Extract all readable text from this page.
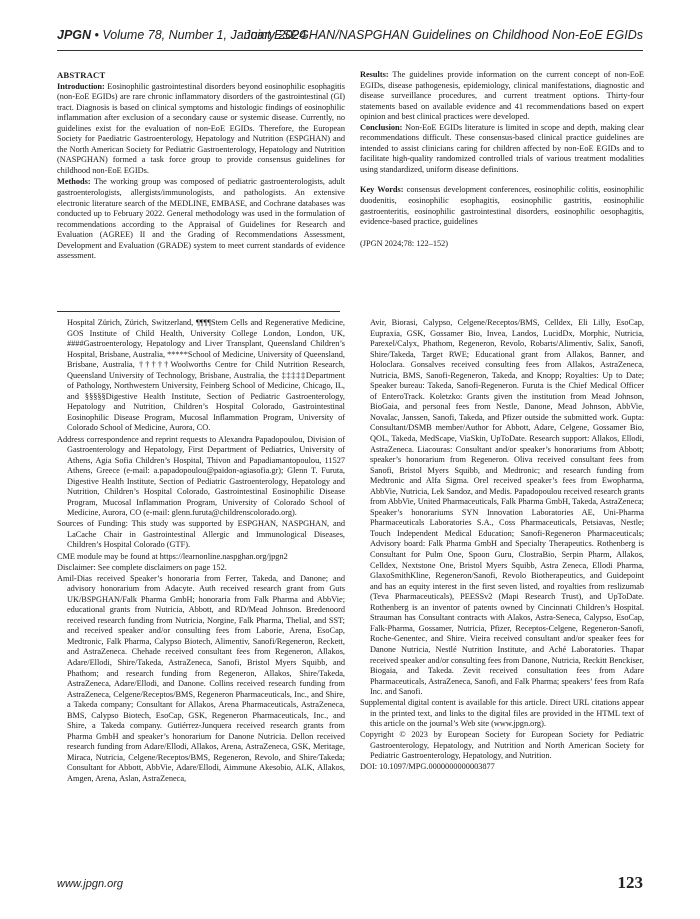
JPGN • Volume 78, Number 1, January 2024
Joint ESPGHAN/NASPGHAN Guidelines on Childhood Non-EoE EGIDs

ABSTRACT

Introduction: Eosinophilic gastrointestinal disorders beyond eosinophilic esophagitis (non-EoE EGIDs) are rare chronic inflammatory disorders of the gastrointestinal (GI) tract. Diagnosis is based on clinical symptoms and histologic findings of eosinophilic inflammation after exclusion of a secondary cause or systemic disease. Currently, no guidelines exist for the evaluation of non-EoE EGIDs. Therefore, the European Society for Paediatric Gastroenterology, Hepatology and Nutrition (ESPGHAN) and the North American Society for Pediatric Gastroenterology, Hepatology and Nutrition (NASPGHAN) formed a task force group to provide consensus guidelines for childhood non-EoE EGIDs.

Methods: The working group was composed of pediatric gastroenterologists, adult gastroenterologists, allergists/immunologists, and pathologists. An extensive electronic literature search of the MEDLINE, EMBASE, and Cochrane databases was conducted up to February 2022. General methodology was used in the formulation of recommendations according to the Appraisal of Guidelines for Research and Evaluation (AGREE) II and the Grading of Recommendations Assessment, Development and Evaluation (GRADE) system to meet current standards of evidence assessment.

Results: The guidelines provide information on the current concept of non-EoE EGIDs, disease pathogenesis, epidemiology, clinical manifestations, diagnostic and disease surveillance procedures, and current treatment options. Thirty-four statements based on available evidence and 41 recommendations based on expert opinion and best clinical practices were developed.

Conclusion: Non-EoE EGIDs literature is limited in scope and depth, making clear recommendations difficult. These consensus-based clinical practice guidelines are intended to assist clinicians caring for children affected by non-EoE EGIDs and to facilitate high-quality randomized controlled trials of various treatment modalities using standardized, uniform disease definitions.

Key Words: consensus development conferences, eosinophilic colitis, eosinophilic duodenitis, eosinophilic esophagitis, eosinophilic gastritis, eosinophilic gastroenteritis, eosinophilic gastrointestinal disorders, eosinophilic oesophagitis, evidence-based practice, guidelines

(JPGN 2024;78: 122–152)

Hospital Zürich, Zürich, Switzerland, ¶¶¶¶Stem Cells and Regenerative Medicine, GOS Institute of Child Health, University College London, London, UK, ####Gastroenterology, Hepatology and Liver Transplant, Queensland Children’s Hospital, Brisbane, Australia, *****School of Medicine, University of Queensland, Brisbane, Australia, †††††Woolworths Centre for Child Nutrition Research, Queensland University of Technology, Brisbane, Australia, the ‡‡‡‡‡Department of Pathology, Northwestern University, Feinberg School of Medicine, Chicago, IL, and §§§§§Digestive Health Institute, Section of Pediatric Gastroenterology, Hepatology and Nutrition, Children’s Hospital Colorado, Gastrointestinal Eosinophilic Disease Program, Mucosal Inflammation Program, University of Colorado School of Medicine, Aurora, CO.

Address correspondence and reprint requests to Alexandra Papadopoulou, Division of Gastroenterology and Hepatology, First Department of Pediatrics, University of Athens, Agia Sofia Children’s Hospital, Thivon and Papadiamantopoulou, 11527 Athens, Greece (e-mail: a.papadopoulou@paidon-agiasofia.gr); Glenn T. Furuta, Digestive Health Institute, Section of Pediatric Gastroenterology, Hepatology and Nutrition, Children’s Hospital Colorado, Gastrointestinal Eosinophilic Disease Program, Mucosal Inflammation Program, University of Colorado School of Medicine, Aurora, CO (e-mail: glenn.furuta@childrenscolorado.org).

Sources of Funding: This study was supported by ESPGHAN, NASPGHAN, and LaCache Chair in Gastrointestinal Allergic and Immunological Diseases, Children’s Hospital Colorado (GTF).

CME module may be found at https://learnonline.naspghan.org/jpgn2

Disclaimer: See complete disclaimers on page 152.

Amil-Dias received Speaker’s honoraria from Ferrer, Takeda, and Danone; and advisory honorarium from Adacyte. Auth received research grant from Guts UK/BSPGHAN/Falk Pharma GmbH; honoraria from Falk Pharma and AbbVie; educational grants from Nutricia, Abbott, and RD/Mead Johnson. Bredenoord received research funding from Nutricia, Norgine, Falk Pharma, Thelial, and SST; and received speaker and/or consulting fees from Laborie, Arena, EsoCap, Medtronic, Falk Pharma, Calypso Biotech, Alimentiv, Sanofi/Regeneron, Reckett, and AstraZeneca. Chehade received consultant fees from Regeneron, Allakos, Adare/Ellodi, Shire/Takeda, AstraZeneca, Sanofi, Bristol Myers Squibb, and Phathom; and research funding from Regeneron, Allakos, Shire/Takeda, AstraZeneca, Adare/Ellodi, and Danone. Collins received research funding from AstraZeneca, Celgene/Receptos/BMS, Regeneron Pharmaceuticals, Inc., and Shire, a Takeda company; Consultant for Allakos, Arena Pharmaceuticals, AstraZeneca, BMS, Calypso Biotech, EsoCap, GSK, Regeneron Pharmaceuticals, Inc., and Shire, a Takeda company. Gutiérrez-Junquera received research grants from Pharma GmbH and speaker’s honorarium for Danone Nutricia. Dellon received research funding from Adare/Ellodi, Allakos, Arena, AstraZeneca, GSK, Meritage, Miraca, Nutricia, Celgene/Receptos/BMS, Regeneron, Revolo, and Shire/Takeda; Consultant for Abbott, AbbVie, Adare/Ellodi, Aimmune Akesobio, ALK, Allakos, Amgen, Arena, Aslan, AstraZeneca,

Avir, Biorasi, Calypso, Celgene/Receptos/BMS, Celldex, Eli Lilly, EsoCap, Eupraxia, GSK, Gossamer Bio, Invea, Landos, LucidDx, Morphic, Nutricia, Parexel/Calyx, Phathom, Regeneron, Revolo, Robarts/Alimentiv, Salix, Sanofi, Shire/Takeda, Target RWE; Educational grant from Allakos, Banner, and Holoclara. Gonsalves received consulting fees from Allakos, AstraZeneca, Nutricia, BMS, Sanofi-Regeneron, Takeda, and Knopp; Royalties: Up to Date; Speaker bureau: Takeda, Sanofi-Regeneron. Furuta is the Chief Medical Officer of EnteroTrack. Koletzko: Grants given the institution from Mead Johnson, BioGaia, and personal fees from Nestle, Danone, Mead Johnson, AbbVie, Novalac, Janssen, Sanofi, Takeda, and Pfizer outside the submitted work. Gupta: Consultant/DSMB member/Author for Abbott, Adare, Celgene, Gossamer Bio, QOL, Takeda, MedScape, ViaSkin, UpToDate. Research support: Allakos, Ellodi, AstraZeneca. Liacouras: Consultant and/or speaker’s honorariums from Abbott; speaker’s honorarium from Regeneron. Oliva received consultant fees from Sanofi, Bristol Myers Squibb, and Medtronic; and research funding from Medtronic and Alfa Sigma. Orel received speaker’s fees from Ewopharma, AbbVie, Nutricia, Lek Sandoz, and Medis. Papadopoulou received research grants from AbbVie, United Pharmaceuticals, Falk Pharma GmbH, Takeda, AstraZeneca; Speaker’s honorariums SYN Innovation Laboratories AE, Uni-Pharma Pharmaceuticals Laboratories S.A., Coss Pharmaceuticals, Petsiavas, Nestle; Touch Independent Medical Education; Sanofi-Regeneron Pharmaceuticals; Advisory board: Falk Pharma GmbH and Specialty Therapeutics. Rothenberg is Consultant for Pulm One, Spoon Guru, ClostraBio, Serpin Pharm, Allakos, Celldex, Nextstone One, Bristol Myers Squibb, Astra Zeneca, Ellodi Pharma, GlaxoSmithKline, Regeneron/Sanofi, Revolo Biotherapeutics, and Guidepoint and has an equity interest in the first seven listed, and royalties from reslizumab (Teva Pharmaceuticals), PEESSv2 (Mapi Research Trust), and UpToDate. Rothenberg is an inventor of patents owned by Cincinnati Children’s Hospital. Strauman has Consultant contracts with Alakos, Astra-Seneca, Calypso, EsoCap, Falk-Pharma, Gossamer, Nutricia, Pfizer, Receptos-Celgene, Regeneron-Sanofi, Roche-Genentec, and Shire. Vieira received consultant and/or speaker fees for Danone Nutricia, Nestlé Nutrition Institute, and Aché Laboratories. Thapar received speaker and/or consulting fees from Danone, Nutricia, Reckitt Benckiser, Biogaia, and Takeda. Zevit received consultation fees from Adare Pharmaceuticals, AstraZeneca, Sanofi, and Falk Pharma; speakers’ fees from Rafa Inc. and Sanofi.

Supplemental digital content is available for this article. Direct URL citations appear in the printed text, and links to the digital files are provided in the HTML text of this article on the journal’s Web site (www.jpgn.org).

Copyright © 2023 by European Society for European Society for Pediatric Gastroenterology, Hepatology, and Nutrition and North American Society for Pediatric Gastroenterology, Hepatology, and Nutrition.

DOI: 10.1097/MPG.0000000000003877

www.jpgn.org	123
